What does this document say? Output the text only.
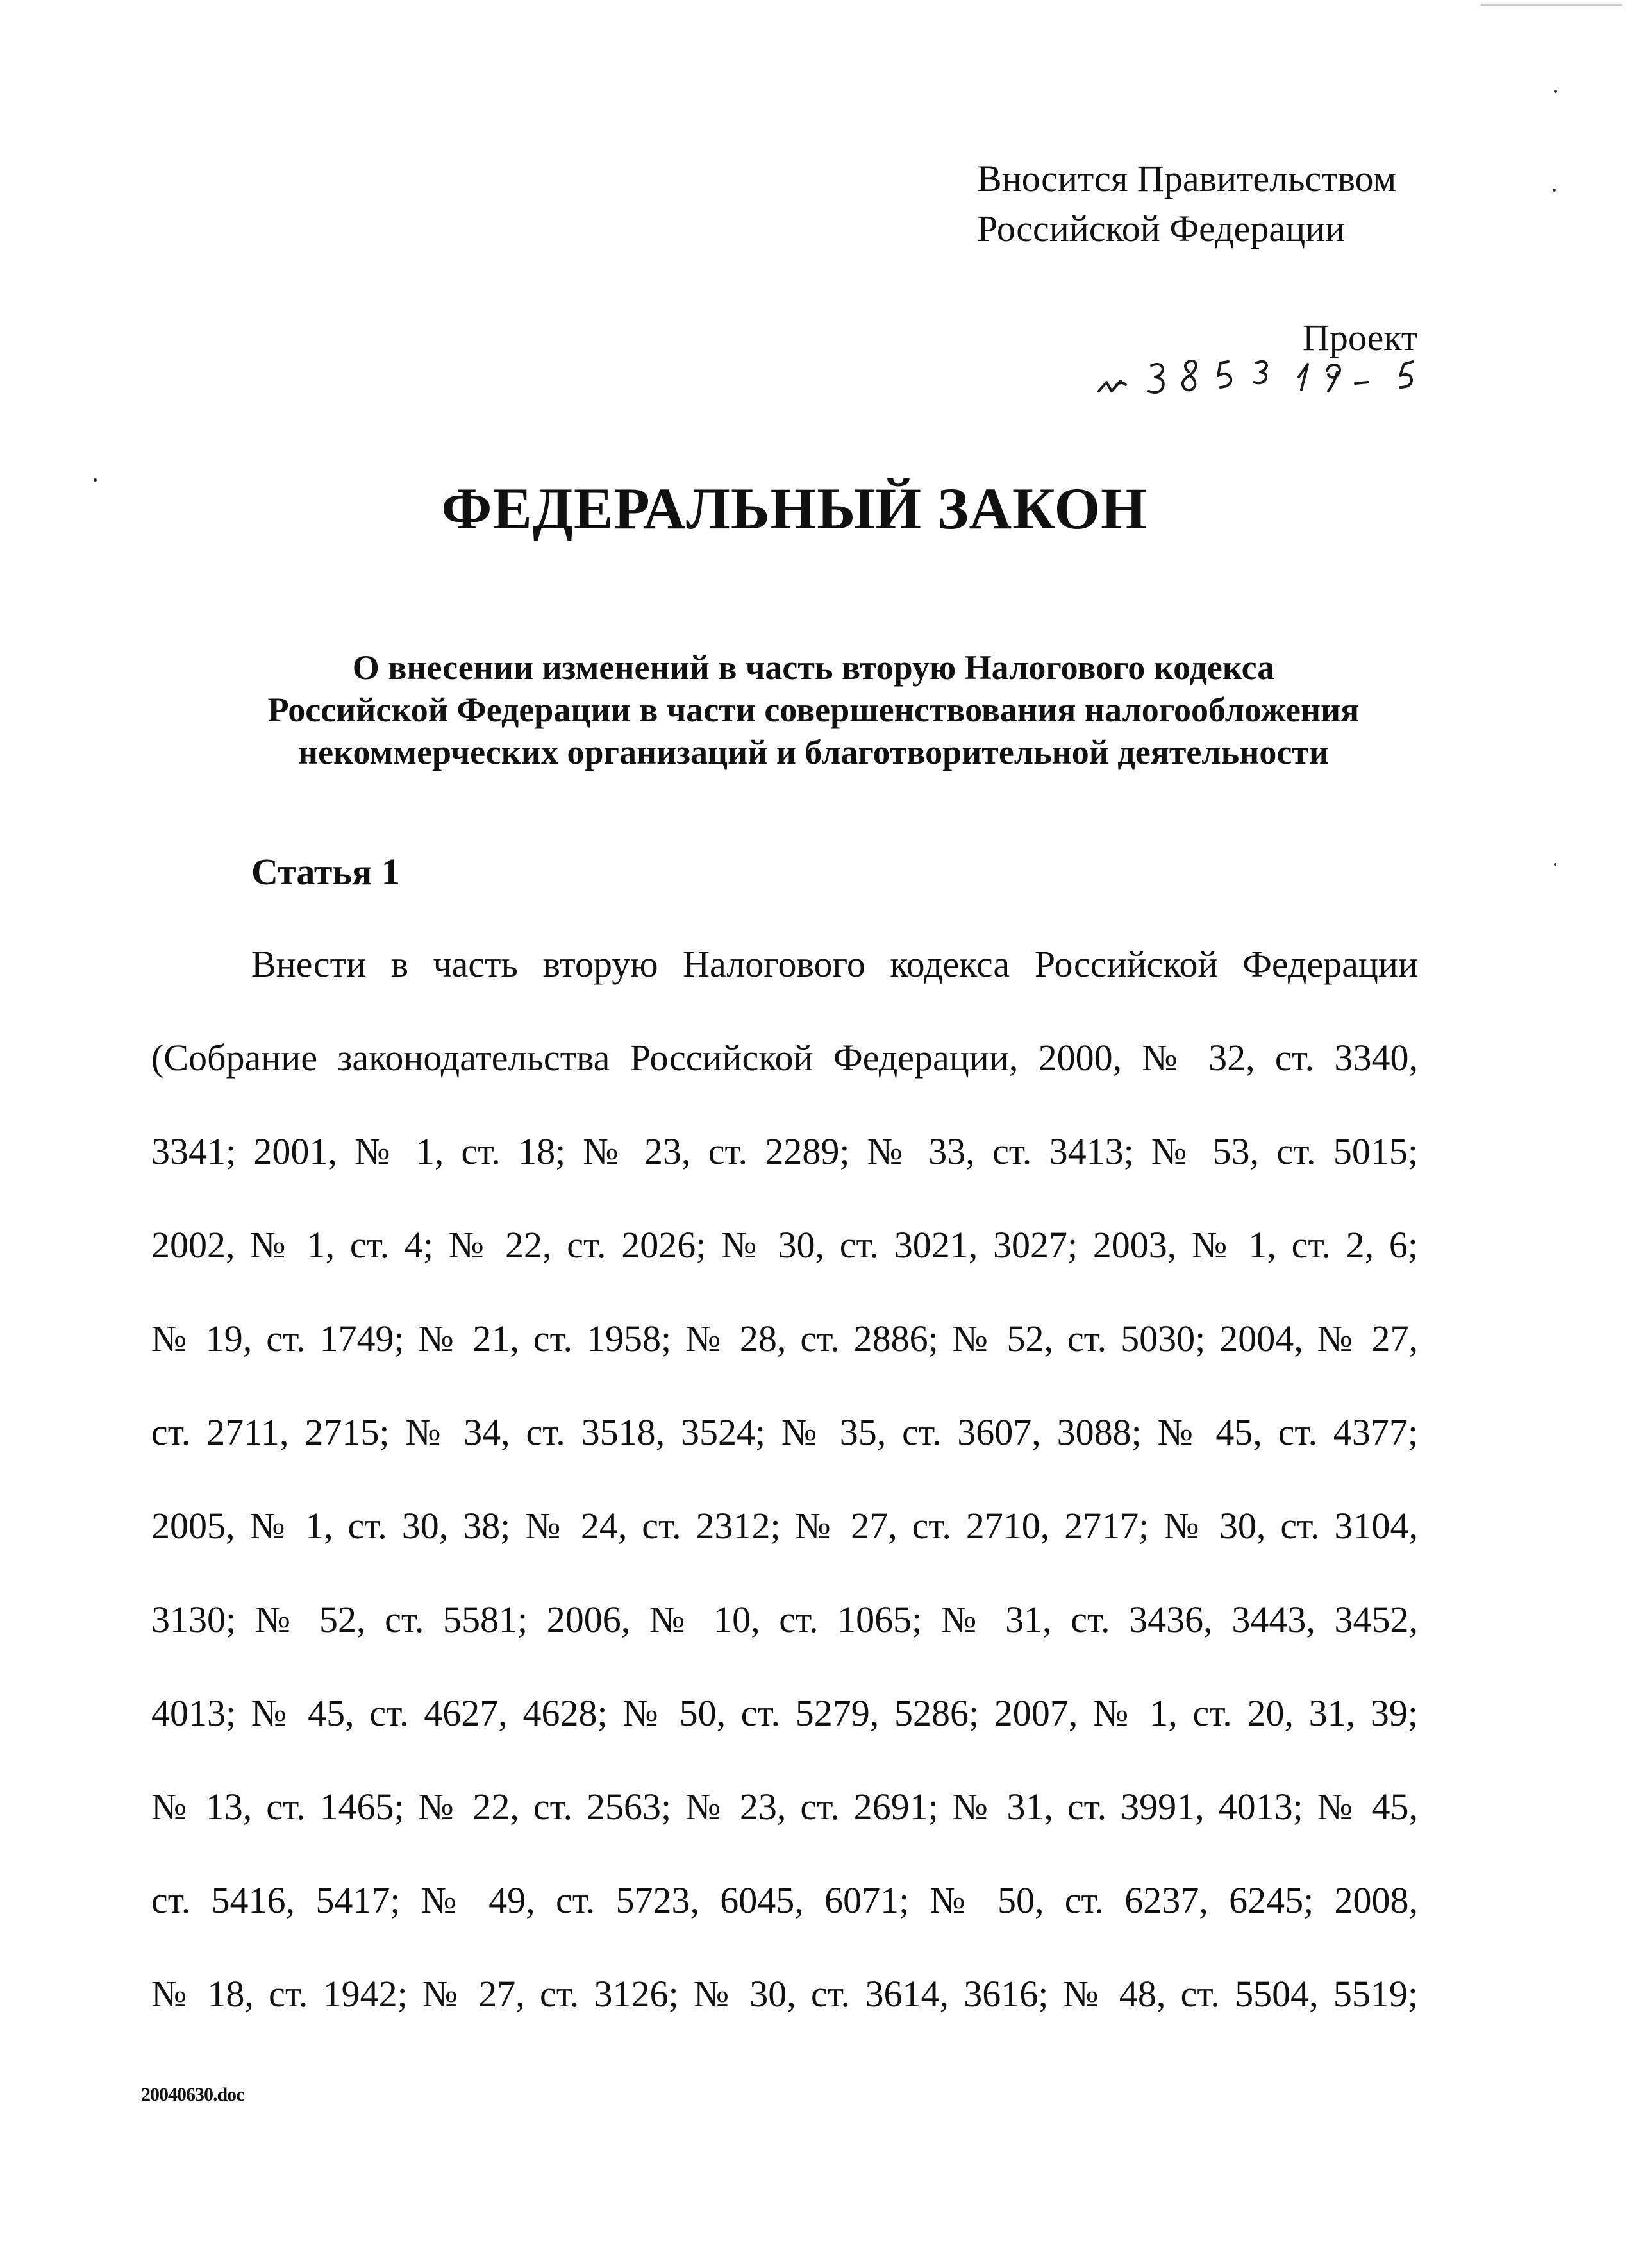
Вносится Правительством
Российской Федерации
Проект
ФЕДЕРАЛЬНЫЙ ЗАКОН
О внесении изменений в часть вторую Налогового кодекса
Российской Федерации в части совершенствования налогообложения
некоммерческих организаций и благотворительной деятельности
Статья 1
Внести в часть вторую Налогового кодекса Российской Федерации
(Собрание законодательства Российской Федерации, 2000, № 32, ст. 3340,
3341; 2001, № 1, ст. 18; № 23, ст. 2289; № 33, ст. 3413; № 53, ст. 5015;
2002, № 1, ст. 4; № 22, ст. 2026; № 30, ст. 3021, 3027; 2003, № 1, ст. 2, 6;
№ 19, ст. 1749; № 21, ст. 1958; № 28, ст. 2886; № 52, ст. 5030; 2004, № 27,
ст. 2711, 2715; № 34, ст. 3518, 3524; № 35, ст. 3607, 3088; № 45, ст. 4377;
2005, № 1, ст. 30, 38; № 24, ст. 2312; № 27, ст. 2710, 2717; № 30, ст. 3104,
3130; № 52, ст. 5581; 2006, № 10, ст. 1065; № 31, ст. 3436, 3443, 3452,
4013; № 45, ст. 4627, 4628; № 50, ст. 5279, 5286; 2007, № 1, ст. 20, 31, 39;
№ 13, ст. 1465; № 22, ст. 2563; № 23, ст. 2691; № 31, ст. 3991, 4013; № 45,
ст. 5416, 5417; № 49, ст. 5723, 6045, 6071; № 50, ст. 6237, 6245; 2008,
№ 18, ст. 1942; № 27, ст. 3126; № 30, ст. 3614, 3616; № 48, ст. 5504, 5519;
20040630.doc
